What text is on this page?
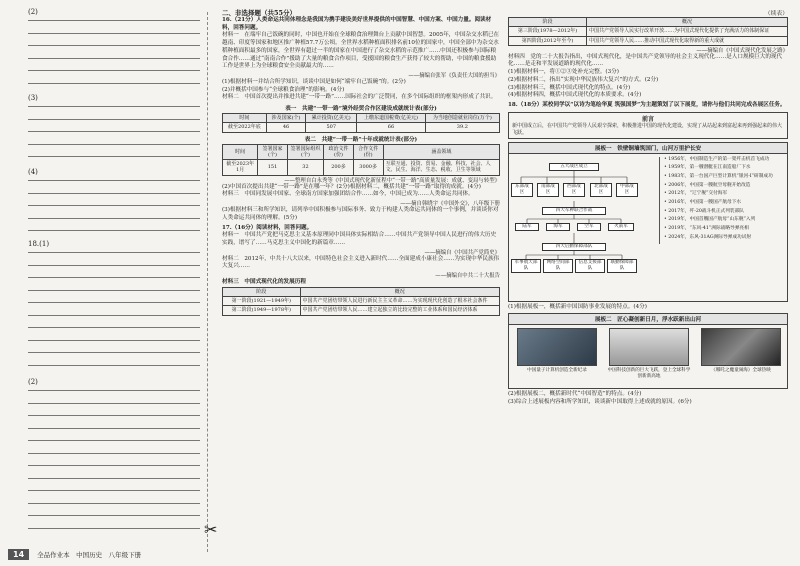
(2)
(3)
(4)
18.(1)
(2)
✂
二、非选择题（共55分）
16.（21分）人类命运共同体理念是我国为携手建设美好世界提供的中国智慧、中国方案、中国力量。阅读材料，回答问题。
材料一　在端牢自己饭碗的同时，中国也开始在全球粮食治理舞台上贡献中国智慧。2005年，中国杂交水稻已在越南、印度等国家和地区推广种植57.7万公顷。全世界水稻种植面积排名前10位的国家中，中国全部中为杂交水稻种植面积最多的国家，全世界有超过一半的国家在中国进行了杂交水稻的示范推广……中国还积极参与国际粮食合作……通过“南南合作”援助了大量的粮食合作项目，受援国的粮食生产获得了较大的帮助，中国的粮食援助工作是世界上为全球粮食安全贡献最大的……
——摘编自张军《负责任大国的担当》
(1)根据材料一并结合所学知识，谈谈中国是如何“端牢自己饭碗”的。(2分)
(2)并概括中国参与“全球粮食治理”的影响。(4分)
材料二　中国首次提出并推进共建“一带一路”……国际社会的广泛赞同，在多个国际组织的框架内形成了共识。
表一　共建“一带一路”境外经贸合作区建设成就统计表(部分)
时间	涉及国家(个)	累计投资(亿美元)	上缴东道国税费(亿美元)	为当地创造就业岗位(万个)
截至2022年底	46	507	66	39.2
表二　共建“一带一路”十年成就统计表(部分)
时间	签署国家(个)	签署国际组织(个)	政治文件(份)	合作文件(份)	涵盖领域
截至2023年1月	151	32	200多	3000多	互联互通、投资、贸易、金融、科技、社会、人文、民生、海洋、生态、税收、卫生等领域
——整理自白永秀等《中国式现代化新征程中“一带一路”高质量发展：成就、变局与转型》
(2)中国首次提出共建“一带一路”是在哪一年？(2分)根据材料二，概括共建“一带一路”取得的成就。(4分)
材料三　中国同发展中国家、全球南方国家加强团结合作……如今，中国已成为……人类命运共同体。
——摘自韩晓宇《中国外交》，八年级下册
(3)根据材料三和所学知识，请列举中国积极参与国际事务、致力于构建人类命运共同体的一个事例，并谈谈你对人类命运共同体的理解。(5分)
17.（16分）阅读材料，回答问题。
材料一　中国共产党把马克思主义基本原理同中国具体实际相结合……中国共产党领导中国人民进行的伟大历史实践，谱写了……马克思主义中国化的新篇章……
——摘编自《中国共产党简史》
材料二　2012年，中共十八大以来，中国特色社会主义进入新时代……全面建成小康社会……为实现中华民族伟大复兴……
——摘编自中共二十大报告
材料三　中国式现代化的发展历程
阶段	概况
第一阶段(1921—1949年)	中国共产党团结带领人民进行新民主主义革命……为实现现代化创造了根本社会条件
第二阶段(1949—1978年)	中国共产党团结带领人民……建立起独立的比较完整的工业体系和国民经济体系
（续表）
阶段	概况
第三阶段(1978—2012年)	中国共产党领导人民实行改革开放……为中国式现代化提供了充满活力的体制保证
第四阶段(2012年至今)	中国共产党领导人民……推动中国式现代化取得新的重大成就
——摘编自《中国式现代化发展之路》
材料四　党的二十大报告指出，中国式现代化，是中国共产党领导的社会主义现代化……是人口规模巨大的现代化……是走和平发展道路的现代化……
(1)根据材料一，将①②③处补充完整。(3分)
(2)根据材料二，指出“实现中华民族伟大复兴”的方式。(2分)
(3)根据材料三，概括中国式现代化的特点。(4分)
(4)根据材料四，概括中国式现代化的本质要求。(4分)
18.（18分）某校同学以“以诗为笔绘华夏 筑强国梦”为主题策划了以下展览，请你与他们共同完成各展区任务。
前言
新中国成立后，在中国共产党领导人民艰辛探索，积极推进中国的现代化建设，实现了从站起来到富起来再到强起来的伟大飞跃。
展板一　铁壁铜墙筑国门，山河万里护长安
五大战区成立
东部战区
南部战区
西部战区
北部战区
中部战区
四大军种联合作战
陆军	海军	空军	火箭军
四大后勤保障部队
军事航天部队
网络空间部队
信息支援部队
联勤保障部队
• 1956年，中国制造生产的第一架歼击机首飞成功
• 1959年，第一艘潜艇在江南造船厂下水
• 1983年，第一台国产巨型计算机“银河-I”研制成功
• 2006年，中国第一艘航空母舰开始改造
• 2012年，“辽宁舰”交付海军
• 2016年，中国第一艘国产航母下水
• 2017年，歼-20战斗机正式列装部队
• 2019年，中国首艘国产航母“山东舰”入列
• 2019年，“东风-41”洲际战略导弹亮相
• 2024年，东风-31AG洲际导弹成功试射
(1)根据展板一，概括新中国国防事业发展的特点。(4分)
展板二　匠心凝创新日月，浮水跃新出山河
中国量子计算机创造全新纪录	中国科技创新的巨大飞跃，登上全球科学创新新高地
《哪吒之魔童闹海》全球热映
(2)根据展板二，概括新时代“中国智造”的特点。(4分)
(3)综合上述展板内容和所学知识，谈谈新中国取得上述成就的原因。(6分)
14	全品作业本　中国历史　八年级下册
